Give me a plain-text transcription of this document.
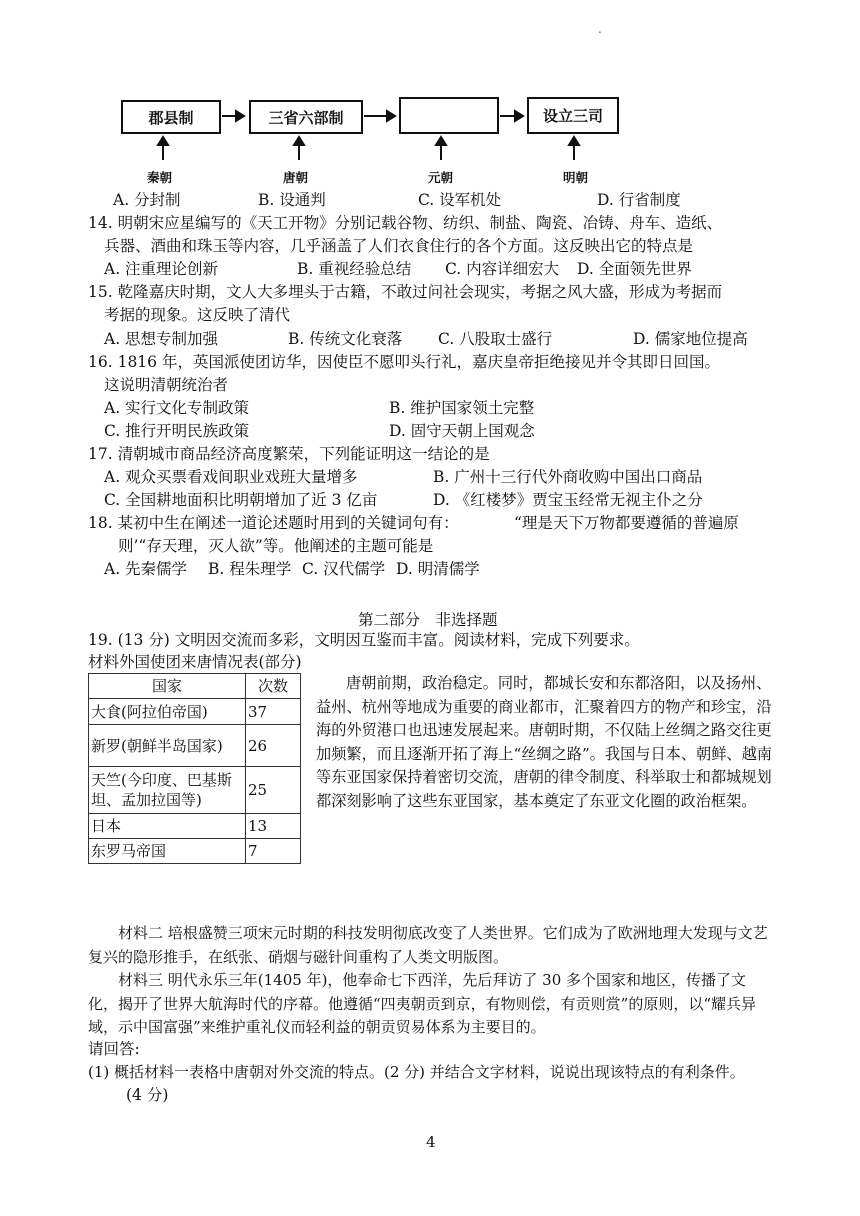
.
郡县制	三省六部制	设立三司
秦朝	唐朝	元朝	明朝
A. 分封制	B. 设通判	C. 设军机处	D. 行省制度
14. 明朝宋应星编写的《天工开物》分别记载谷物、纺织、制盐、陶瓷、冶铸、舟车、造纸、
兵器、酒曲和珠玉等内容，几乎涵盖了人们衣食住行的各个方面。这反映出它的特点是
A. 注重理论创新	B. 重视经验总结 C. 内容详细宏大 D. 全面领先世界
15. 乾隆嘉庆时期，文人大多埋头于古籍，不敢过问社会现实，考据之风大盛，形成为考据而
考据的现象。这反映了清代
A. 思想专制加强	B. 传统文化衰落 C. 八股取士盛行	D. 儒家地位提高
16. 1816 年，英国派使团访华，因使臣不愿叩头行礼，嘉庆皇帝拒绝接见并令其即日回国。
这说明清朝统治者
A. 实行文化专制政策	B. 维护国家领土完整
C. 推行开明民族政策	D. 固守天朝上国观念
17. 清朝城市商品经济高度繁荣，下列能证明这一结论的是
A. 观众买票看戏间职业戏班大量增多	B. 广州十三行代外商收购中国出口商品
C. 全国耕地面积比明朝增加了近 3 亿亩	D. 《红楼梦》贾宝玉经常无视主仆之分
18. 某初中生在阐述一道论述题时用到的关键词句有：	“理是天下万物都要遵循的普遍原
则’“存天理，灭人欲”等。他阐述的主题可能是
A. 先秦儒学 B. 程朱理学 C. 汉代儒学 D. 明清儒学
第二部分　非选择题
19. (13 分) 文明因交流而多彩，文明因互鉴而丰富。阅读材料，完成下列要求。
材料外国使团来唐情况表(部分)
国家	次数
大食(阿拉伯帝国)	37
新罗(朝鲜半岛国家)	26
天竺(今印度、巴基斯坦、孟加拉国等)	25
日本	13
东罗马帝国	7
唐朝前期，政治稳定。同时，都城长安和东都洛阳，以及扬州、益州、杭州等地成为重要的商业都市，汇聚着四方的物产和珍宝，沿海的外贸港口也迅速发展起来。唐朝时期，不仅陆上丝绸之路交往更加频繁，而且逐渐开拓了海上“丝绸之路”。我国与日本、朝鲜、越南等东亚国家保持着密切交流，唐朝的律令制度、科举取士和都城规划都深刻影响了这些东亚国家，基本奠定了东亚文化圈的政治框架。
材料二 培根盛赞三项宋元时期的科技发明彻底改变了人类世界。它们成为了欧洲地理大发现与文艺复兴的隐形推手，在纸张、硝烟与磁针间重构了人类文明版图。
材料三 明代永乐三年(1405 年)，他奉命七下西洋，先后拜访了 30 多个国家和地区，传播了文化，揭开了世界大航海时代的序幕。他遵循“四夷朝贡到京，有物则偿，有贡则赏”的原则，以“耀兵异域，示中国富强”来维护重礼仪而轻利益的朝贡贸易体系为主要目的。
请回答:
(1) 概括材料一表格中唐朝对外交流的特点。(2 分) 并结合文字材料，说说出现该特点的有利条件。
(4 分)
4
